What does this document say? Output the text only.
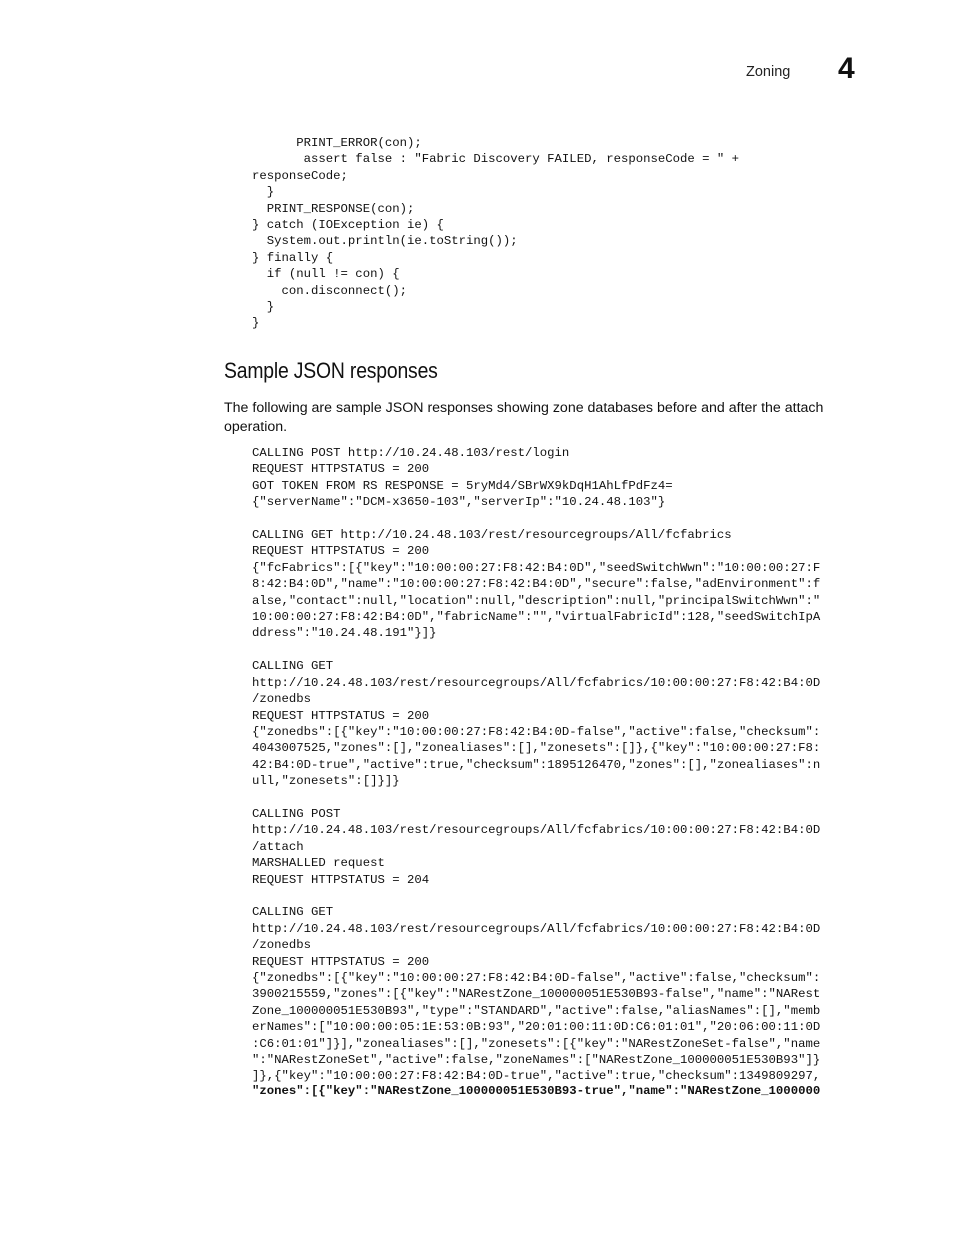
Zoning 4
PRINT_ERROR(con);
assert false : "Fabric Discovery FAILED, responseCode = " +
responseCode;
}
PRINT_RESPONSE(con);
} catch (IOException ie) {
System.out.println(ie.toString());
} finally {
if (null != con) {
con.disconnect();
}
}
Sample JSON responses

The following are sample JSON responses showing zone databases before and after the attach operation.

CALLING POST http://10.24.48.103/rest/login
REQUEST HTTPSTATUS = 200
GOT TOKEN FROM RS RESPONSE = 5ryMd4/SBrWX9kDqH1AhLfPdFz4=
{"serverName":"DCM-x3650-103","serverIp":"10.24.48.103"}

CALLING GET http://10.24.48.103/rest/resourcegroups/All/fcfabrics
REQUEST HTTPSTATUS = 200
{"fcFabrics":[{"key":"10:00:00:27:F8:42:B4:0D","seedSwitchWwn":"10:00:00:27:F
8:42:B4:0D","name":"10:00:00:27:F8:42:B4:0D","secure":false,"adEnvironment":f
alse,"contact":null,"location":null,"description":null,"principalSwitchWwn":"
10:00:00:27:F8:42:B4:0D","fabricName":"","virtualFabricId":128,"seedSwitchIpA
ddress":"10.24.48.191"}]}

CALLING GET
http://10.24.48.103/rest/resourcegroups/All/fcfabrics/10:00:00:27:F8:42:B4:0D
/zonedbs
REQUEST HTTPSTATUS = 200
{"zonedbs":[{"key":"10:00:00:27:F8:42:B4:0D-false","active":false,"checksum":
4043007525,"zones":[],"zonealiases":[],"zonesets":[]},{"key":"10:00:00:27:F8:
42:B4:0D-true","active":true,"checksum":1895126470,"zones":[],"zonealiases":n
ull,"zonesets":[]}]}

CALLING POST
http://10.24.48.103/rest/resourcegroups/All/fcfabrics/10:00:00:27:F8:42:B4:0D
/attach
MARSHALLED request
REQUEST HTTPSTATUS = 204

CALLING GET
http://10.24.48.103/rest/resourcegroups/All/fcfabrics/10:00:00:27:F8:42:B4:0D
/zonedbs
REQUEST HTTPSTATUS = 200
{"zonedbs":[{"key":"10:00:00:27:F8:42:B4:0D-false","active":false,"checksum":
3900215559,"zones":[{"key":"NARestZone_100000051E530B93-false","name":"NARest
Zone_100000051E530B93","type":"STANDARD","active":false,"aliasNames":[],"memb
erNames":["10:00:00:05:1E:53:0B:93","20:01:00:11:0D:C6:01:01","20:06:00:11:0D
:C6:01:01"]}],"zonealiases":[],"zonesets":[{"key":"NARestZoneSet-false","name
":"NARestZoneSet","active":false,"zoneNames":["NARestZone_100000051E530B93"]}
]},{"key":"10:00:00:27:F8:42:B4:0D-true","active":true,"checksum":1349809297,
"zones":[{"key":"NARestZone_100000051E530B93-true","name":"NARestZone_1000000
